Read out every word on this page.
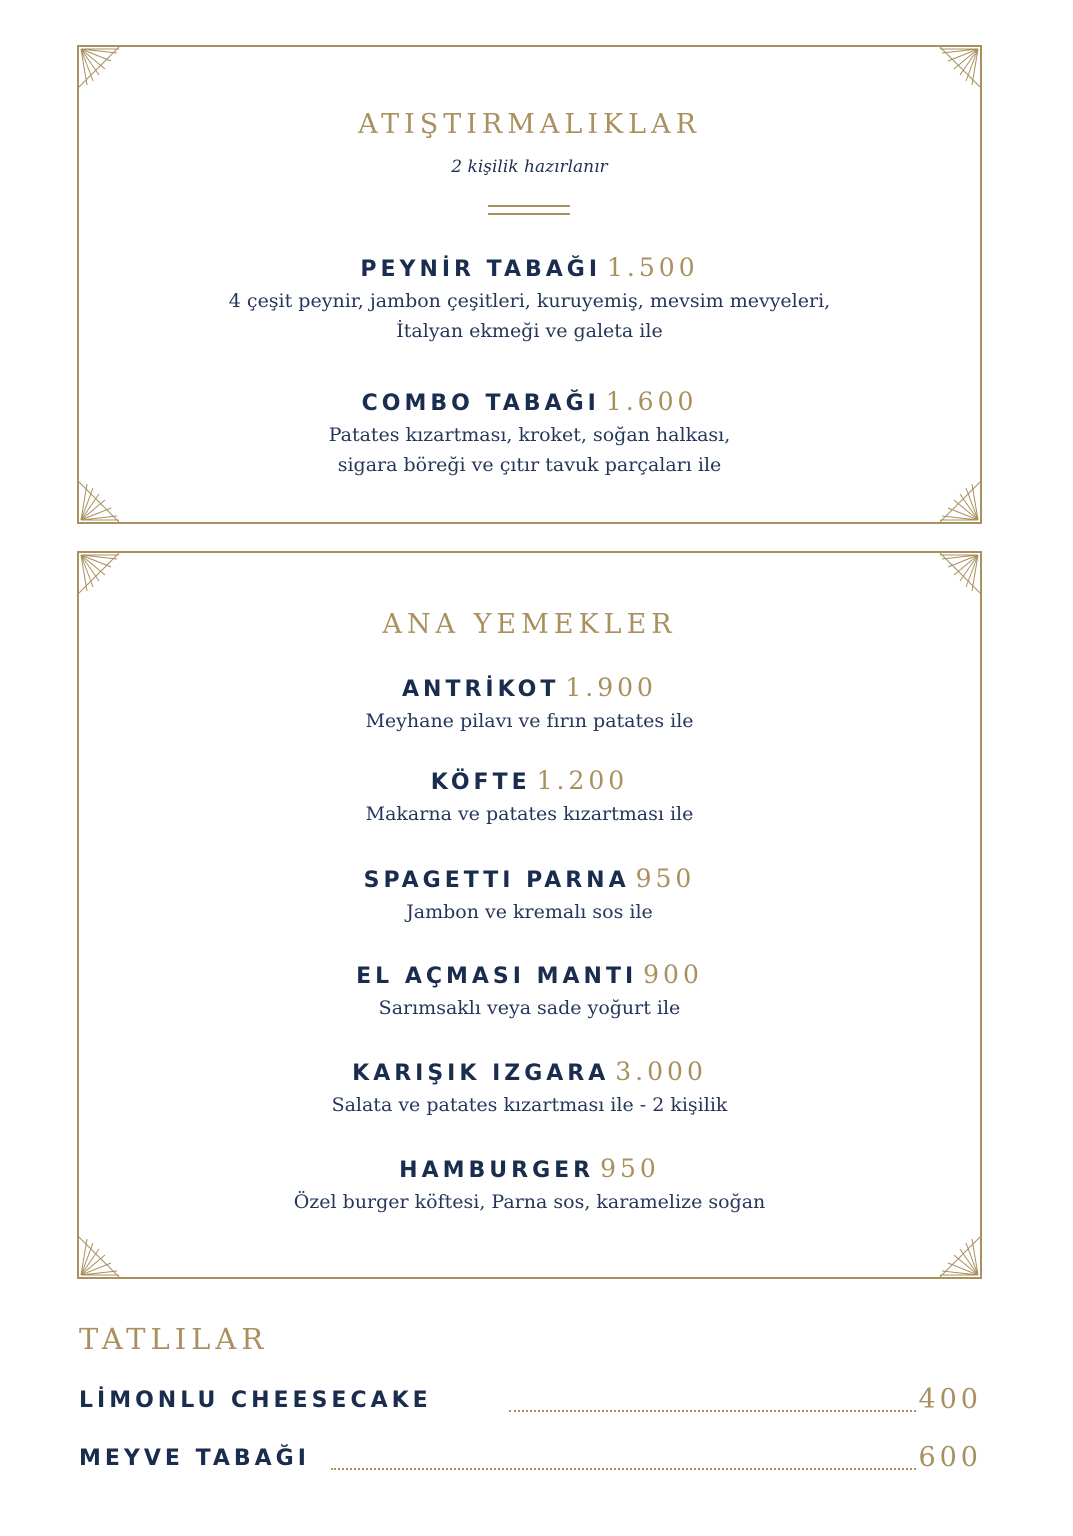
ATIŞTIRMALIKLAR
2 kişilik hazırlanır
PEYNİR TABAĞI 1.500
4 çeşit peynir, jambon çeşitleri, kuruyemiş, mevsim mevyeleri,
İtalyan ekmeği ve galeta ile
COMBO TABAĞI 1.600
Patates kızartması, kroket, soğan halkası,
sigara böreği ve çıtır tavuk parçaları ile
ANA YEMEKLER
ANTRİKOT 1.900
Meyhane pilavı ve fırın patates ile
KÖFTE 1.200
Makarna ve patates kızartması ile
SPAGETTI PARNA 950
Jambon ve kremalı sos ile
EL AÇMASI MANTI 900
Sarımsaklı veya sade yoğurt ile
KARIŞIK IZGARA 3.000
Salata ve patates kızartması ile - 2 kişilik
HAMBURGER 950
Özel burger köftesi, Parna sos, karamelize soğan
TATLILAR
LİMONLU CHEESECAKE	400
MEYVE TABAĞI	600
